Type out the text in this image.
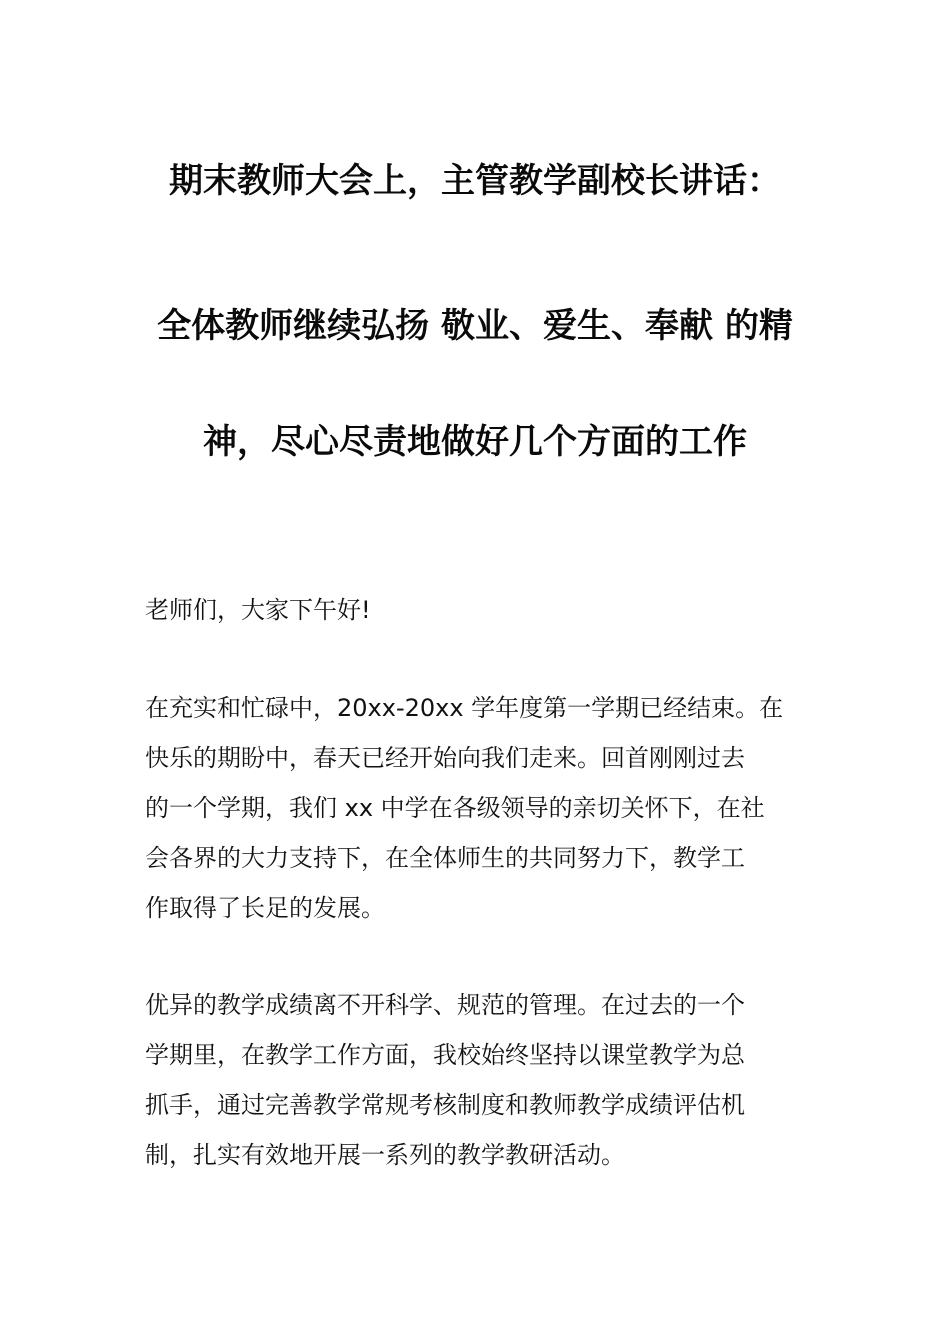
期末教师大会上，主管教学副校长讲话：
全体教师继续弘扬 敬业、爱生、奉献 的精
神，尽心尽责地做好几个方面的工作

老师们，大家下午好!

在充实和忙碌中，20xx-20xx 学年度第一学期已经结束。在

快乐的期盼中，春天已经开始向我们走来。回首刚刚过去

的一个学期，我们 xx 中学在各级领导的亲切关怀下，在社

会各界的大力支持下，在全体师生的共同努力下，教学工

作取得了长足的发展。

优异的教学成绩离不开科学、规范的管理。在过去的一个

学期里，在教学工作方面，我校始终坚持以课堂教学为总

抓手，通过完善教学常规考核制度和教师教学成绩评估机

制，扎实有效地开展一系列的教学教研活动。
